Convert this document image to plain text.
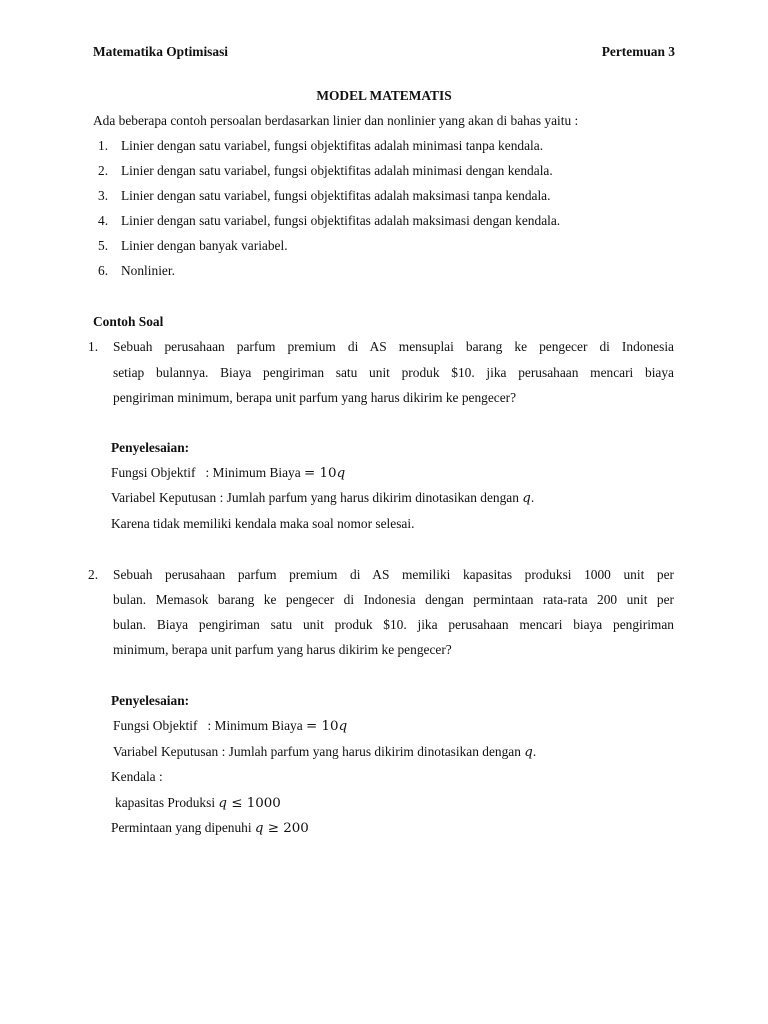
Matematika Optimisasi	Pertemuan 3
MODEL MATEMATIS
Ada beberapa contoh persoalan berdasarkan linier dan nonlinier yang akan di bahas yaitu :
1. Linier dengan satu variabel, fungsi objektifitas adalah minimasi tanpa kendala.
2. Linier dengan satu variabel, fungsi objektifitas adalah minimasi dengan kendala.
3. Linier dengan satu variabel, fungsi objektifitas adalah maksimasi tanpa kendala.
4. Linier dengan satu variabel, fungsi objektifitas adalah maksimasi dengan kendala.
5. Linier dengan banyak variabel.
6. Nonlinier.
Contoh Soal
1. Sebuah perusahaan parfum premium di AS mensuplai barang ke pengecer di Indonesia
setiap bulannya. Biaya pengiriman satu unit produk $10. jika perusahaan mencari biaya
pengiriman minimum, berapa unit parfum yang harus dikirim ke pengecer?
Penyelesaian:
Fungsi Objektif   : Minimum Biaya = 10q
Variabel Keputusan : Jumlah parfum yang harus dikirim dinotasikan dengan q.
Karena tidak memiliki kendala maka soal nomor selesai.
2. Sebuah perusahaan parfum premium di AS memiliki kapasitas produksi 1000 unit per
bulan. Memasok barang ke pengecer di Indonesia dengan permintaan rata-rata 200 unit per
bulan. Biaya pengiriman satu unit produk $10. jika perusahaan mencari biaya pengiriman
minimum, berapa unit parfum yang harus dikirim ke pengecer?
Penyelesaian:
Fungsi Objektif   : Minimum Biaya = 10q
Variabel Keputusan : Jumlah parfum yang harus dikirim dinotasikan dengan q.
Kendala :
kapasitas Produksi q ≤ 1000
Permintaan yang dipenuhi q ≥ 200
